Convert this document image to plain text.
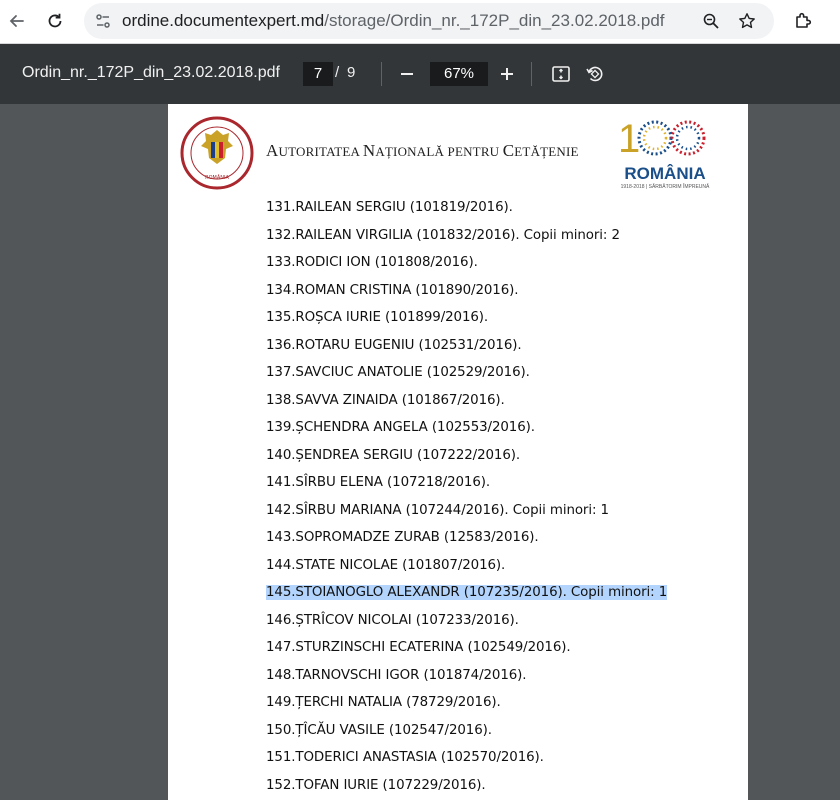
ordine.documentexpert.md/storage/Ordin_nr._172P_din_23.02.2018.pdf
Ordin_nr._172P_din_23.02.2018.pdf	7 / 9	67%
ROMÂNIA
AUTORITATEA NAȚIONALĂ PENTRU CETĂȚENIE 1
ROMÂNIA
1918-2018 | SĂRBĂTORIM ÎMPREUNĂ
131.RAILEAN SERGIU (101819/2016).
132.RAILEAN VIRGILIA (101832/2016). Copii minori: 2
133.RODICI ION (101808/2016).
134.ROMAN CRISTINA (101890/2016).
135.ROȘCA IURIE (101899/2016).
136.ROTARU EUGENIU (102531/2016).
137.SAVCIUC ANATOLIE (102529/2016).
138.SAVVA ZINAIDA (101867/2016).
139.ȘCHENDRA ANGELA (102553/2016).
140.ȘENDREA SERGIU (107222/2016).
141.SÎRBU ELENA (107218/2016).
142.SÎRBU MARIANA (107244/2016). Copii minori: 1
143.SOPROMADZE ZURAB (12583/2016).
144.STATE NICOLAE (101807/2016).
145.STOIANOGLO ALEXANDR (107235/2016). Copii minori: 1
146.ȘTRÎCOV NICOLAI (107233/2016).
147.STURZINSCHI ECATERINA (102549/2016).
148.TARNOVSCHI IGOR (101874/2016).
149.ȚERCHI NATALIA (78729/2016).
150.ȚÎCĂU VASILE (102547/2016).
151.TODERICI ANASTASIA (102570/2016).
152.TOFAN IURIE (107229/2016).
